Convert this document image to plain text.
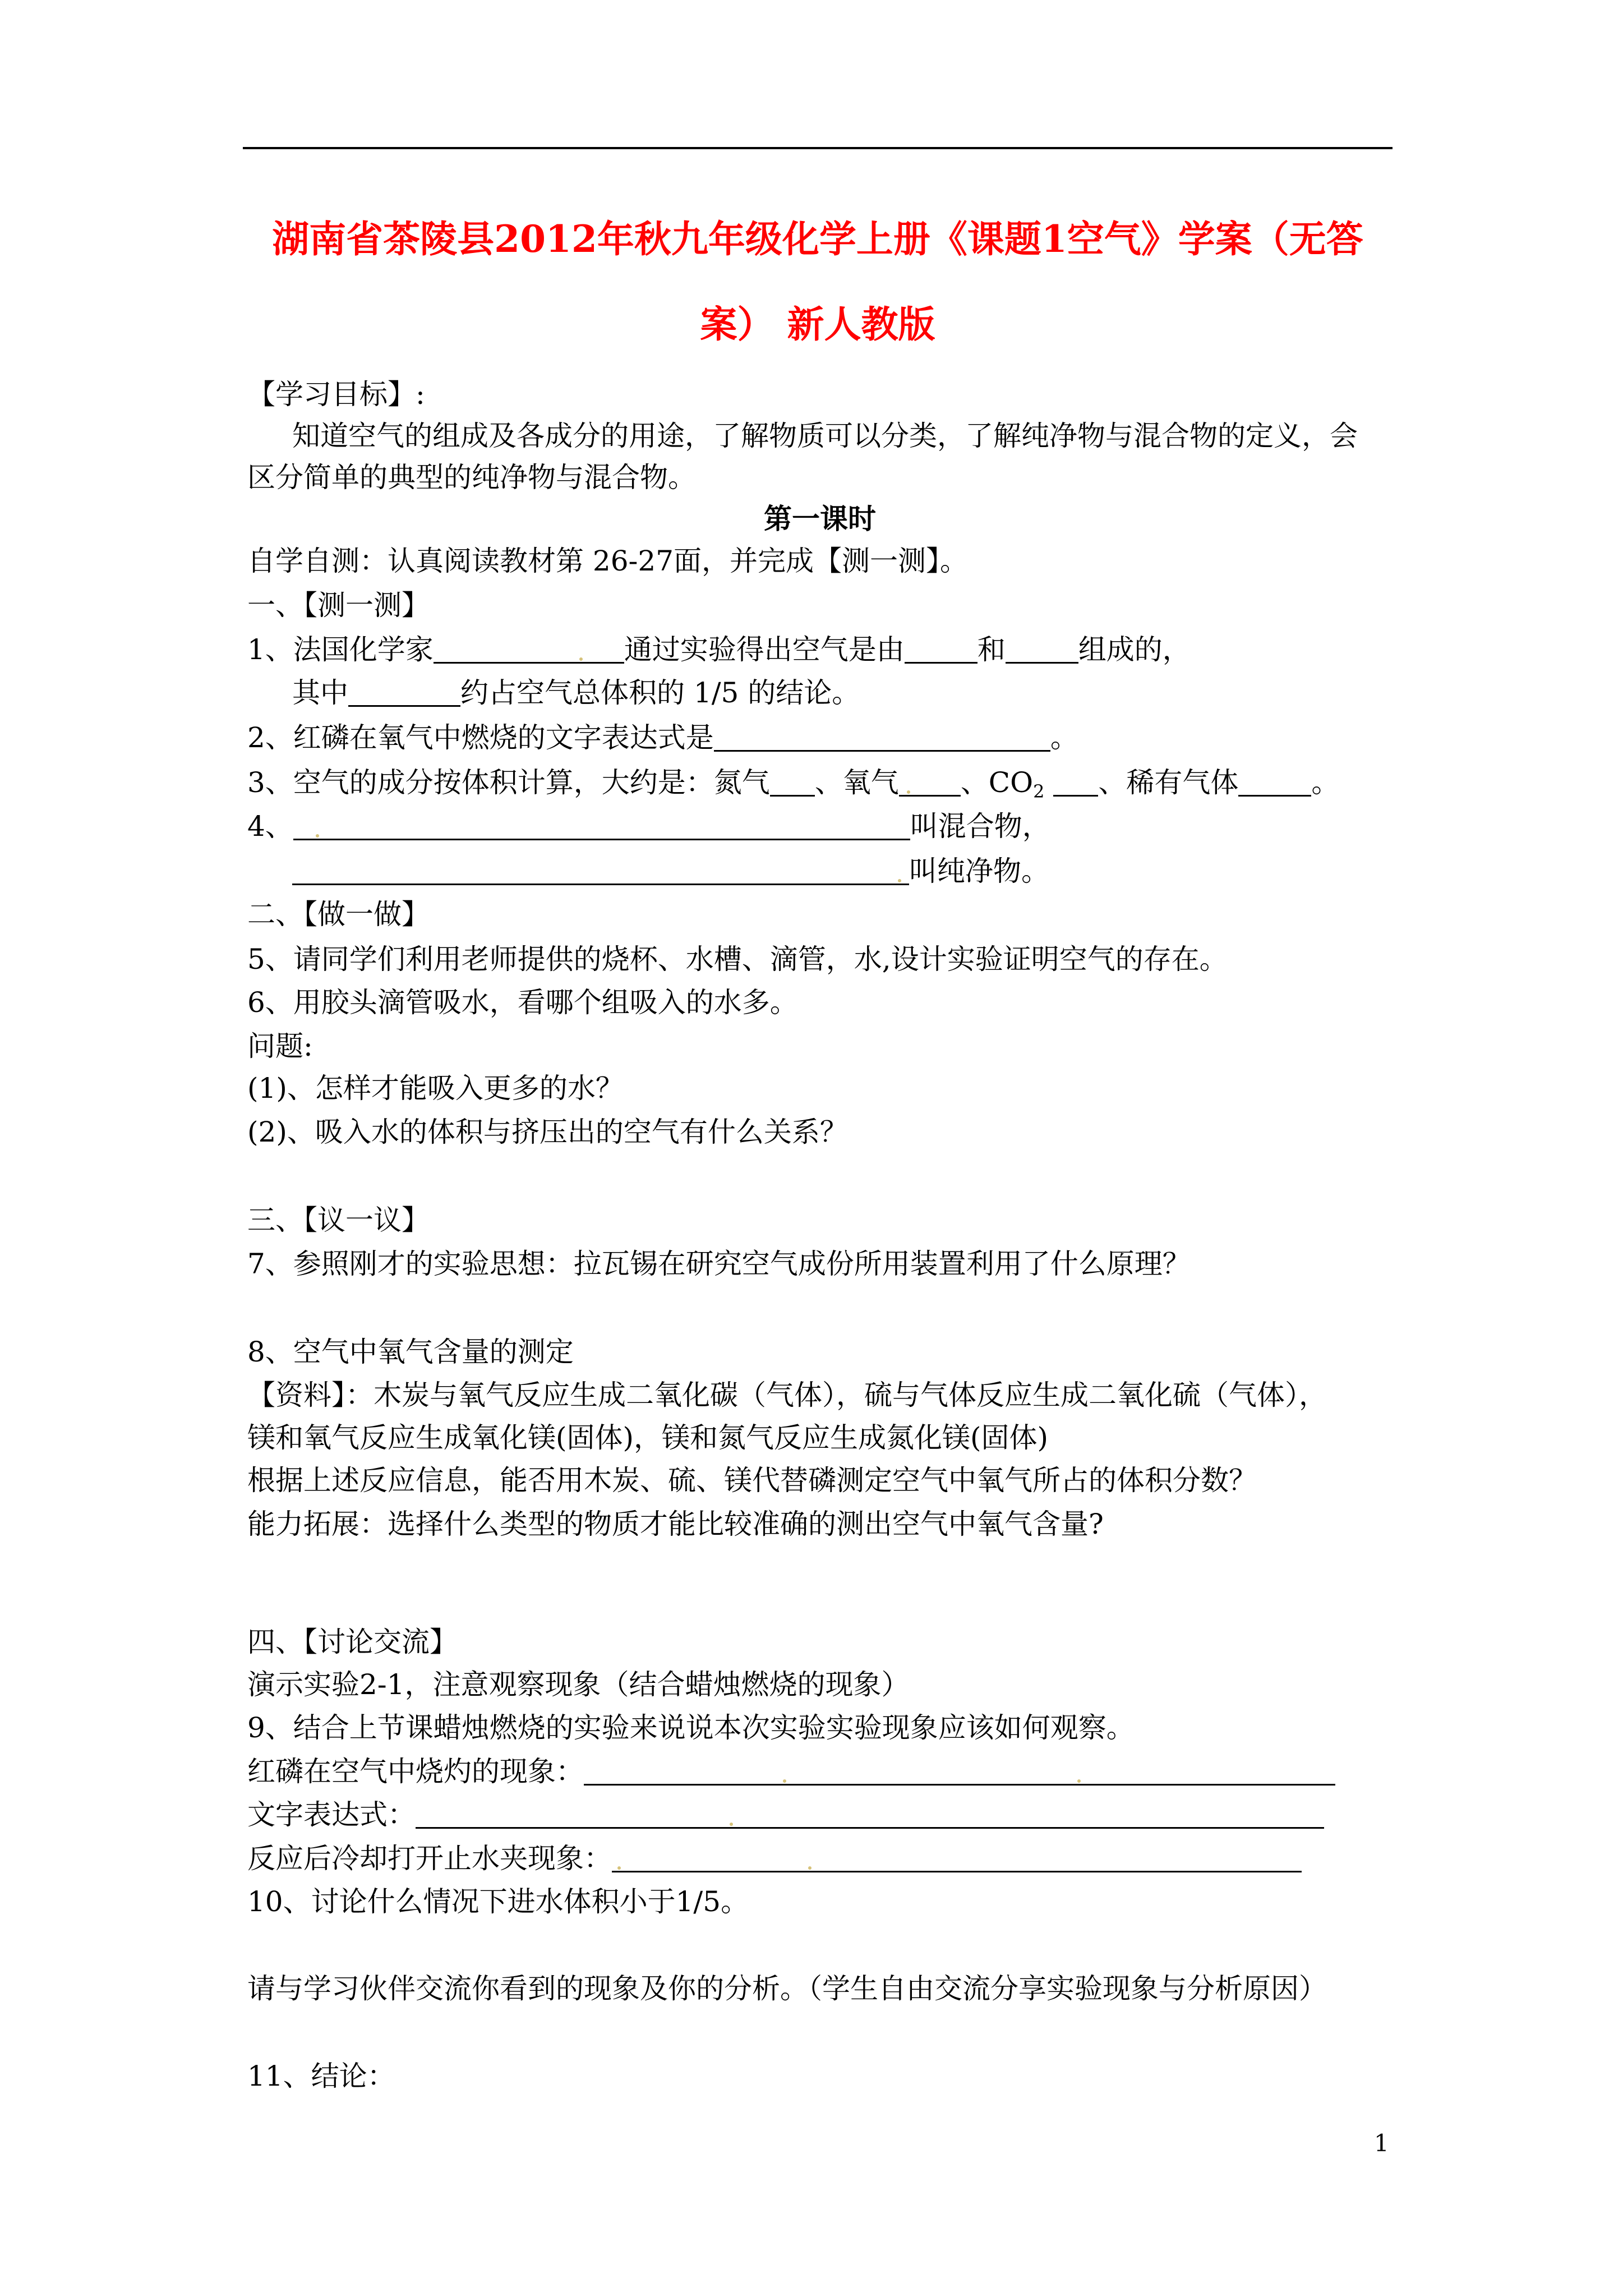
湖南省茶陵县2012年秋九年级化学上册《课题1空气》学案（无答
案） 新人教版
【学习目标】:
知道空气的组成及各成分的用途，了解物质可以分类，了解纯净物与混合物的定义，会
区分简单的典型的纯净物与混合物。
第一课时
自学自测：认真阅读教材第 26-27面，并完成【测一测】。
一、【测一测】
1、法国化学家	通过实验得出空气是由	和	组成的，
其中	约占空气总体积的 1/5 的结论。
2、红磷在氧气中燃烧的文字表达式是	。
3、空气的成分按体积计算，大约是：氮气 、氧气 、$CO_2$ 、稀有气体	。
4、	叫混合物，
叫纯净物。
二、【做一做】
5、请同学们利用老师提供的烧杯、水槽、滴管，水,设计实验证明空气的存在。
6、用胶头滴管吸水，看哪个组吸入的水多。
问题:
(1)、怎样才能吸入更多的水？
(2)、吸入水的体积与挤压出的空气有什么关系？
三、【议一议】
7、参照刚才的实验思想：拉瓦锡在研究空气成份所用装置利用了什么原理？
8、空气中氧气含量的测定
【资料】：木炭与氧气反应生成二氧化碳（气体），硫与气体反应生成二氧化硫（气体），
镁和氧气反应生成氧化镁(固体)，镁和氮气反应生成氮化镁(固体)
根据上述反应信息，能否用木炭、硫、镁代替磷测定空气中氧气所占的体积分数？
能力拓展：选择什么类型的物质才能比较准确的测出空气中氧气含量?
四、【讨论交流】
演示实验2-1，注意观察现象（结合蜡烛燃烧的现象）
9、结合上节课蜡烛燃烧的实验来说说本次实验实验现象应该如何观察。
红磷在空气中烧灼的现象：
文字表达式：
反应后冷却打开止水夹现象：
10、讨论什么情况下进水体积小于1/5。
请与学习伙伴交流你看到的现象及你的分析。（学生自由交流分享实验现象与分析原因）
11、结论：
1
